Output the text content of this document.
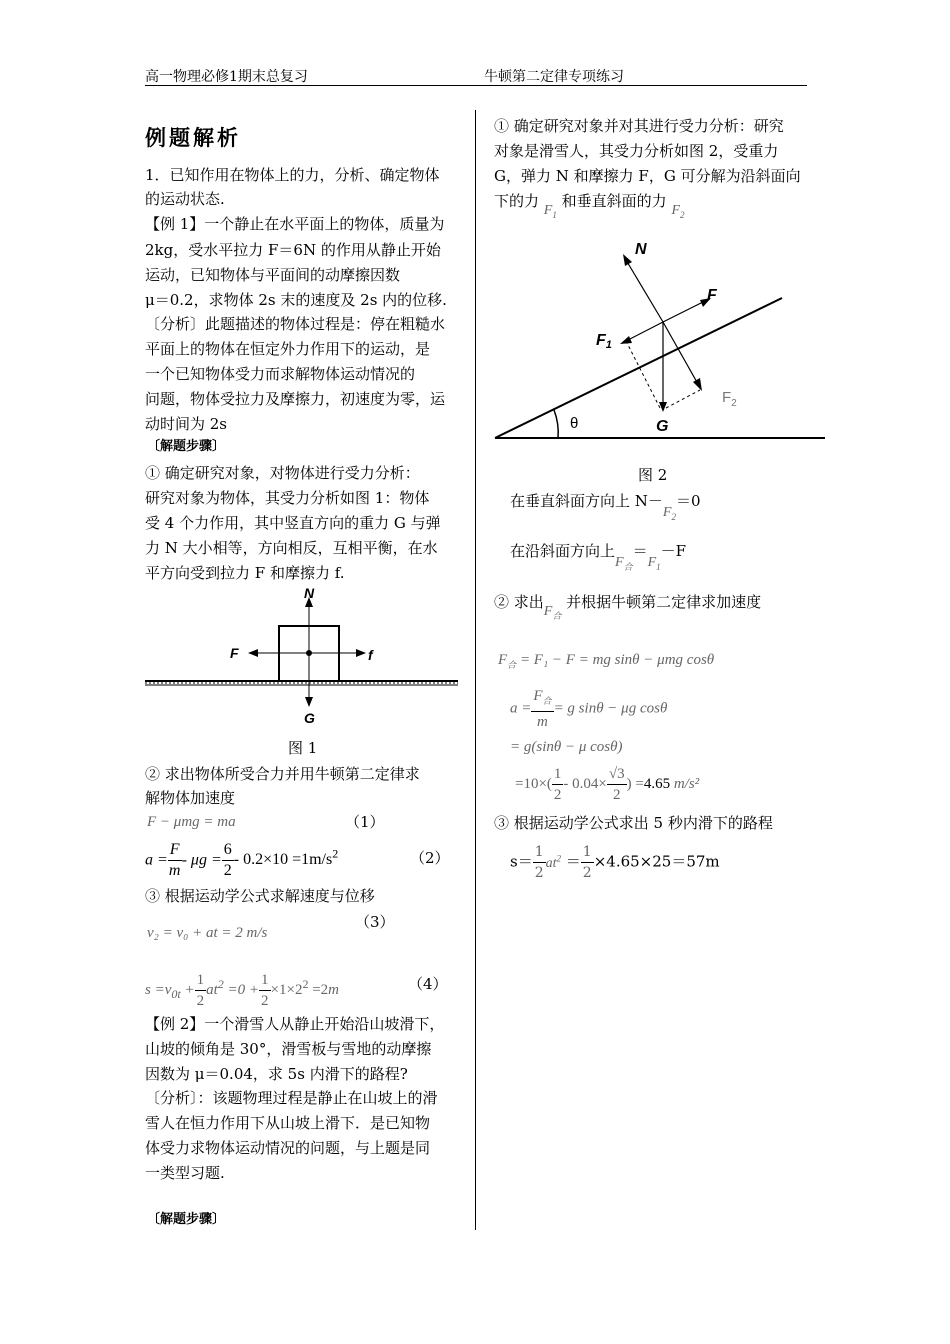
高一物理必修1期末总复习	牛顿第二定律专项练习
例题解析
1．已知作用在物体上的力，分析、确定物体
的运动状态.
【例 1】一个静止在水平面上的物体，质量为
2kg，受水平拉力 F＝6N 的作用从静止开始
运动，已知物体与平面间的动摩擦因数
μ＝0.2，求物体 2s 末的速度及 2s 内的位移.
〔分析〕此题描述的物体过程是：停在粗糙水
平面上的物体在恒定外力作用下的运动，是
一个已知物体受力而求解物体运动情况的
问题，物体受拉力及摩擦力，初速度为零，运
动时间为 2s
〔解题步骤〕
① 确定研究对象，对物体进行受力分析：
研究对象为物体，其受力分析如图 1：物体
受 4 个力作用，其中竖直方向的重力 G 与弹
力 N 大小相等，方向相反，互相平衡，在水
平方向受到拉力 F 和摩擦力 f.
N
G
F	f
图 1
② 求出物体所受合力并用牛顿第二定律求
解物体加速度
F − μmg = ma	（1）
$a = \frac{F}{m} - \mu g = \frac{6}{2} - 0.2\times 10 =1m/s^2$	（2）
③ 根据运动学公式求解速度与位移
（3）
v₂ = v₀ + at = 2 m/s
$s =v_{0t} + \frac{1}{2} at^2 =0 + \frac{1}{2} \times 1\times 2^2 =2m$	（4）
【例 2】一个滑雪人从静止开始沿山坡滑下，
山坡的倾角是 30°，滑雪板与雪地的动摩擦
因数为 μ＝0.04，求 5s 内滑下的路程?
〔分析〕：该题物理过程是静止在山坡上的滑
雪人在恒力作用下从山坡上滑下．是已知物
体受力求物体运动情况的问题，与上题是同
一类型习题.
〔解题步骤〕
① 确定研究对象并对其进行受力分析：研究
对象是滑雪人，其受力分析如图 2，受重力
G，弹力 N 和摩擦力 F，G 可分解为沿斜面向
下的力 $F_1$ 和垂直斜面的力 $F_2$
θ
N
F
F1
$F_2$
G
图 2
在垂直斜面方向上 $N-F_2=0$
在沿斜面方向上$F_合=F_1-F$
② 求出$F_合$ 并根据牛顿第二定律求加速度
$F_合 = F_1 - F$ = mg sinθ − μmg cosθ
$a = \frac{F_合}{m} = g$ sinθ − μg cosθ
= g(sinθ − μ cosθ)
$=10\times( \frac{1}{2} - 0.04\times \frac{√3}{2}$ ) =4.65 m/s²
③ 根据运动学公式求出 5 秒内滑下的路程
$s= \frac{1}{2} at^2 = \frac{1}{2} \times 4.65\times 25=57m$
